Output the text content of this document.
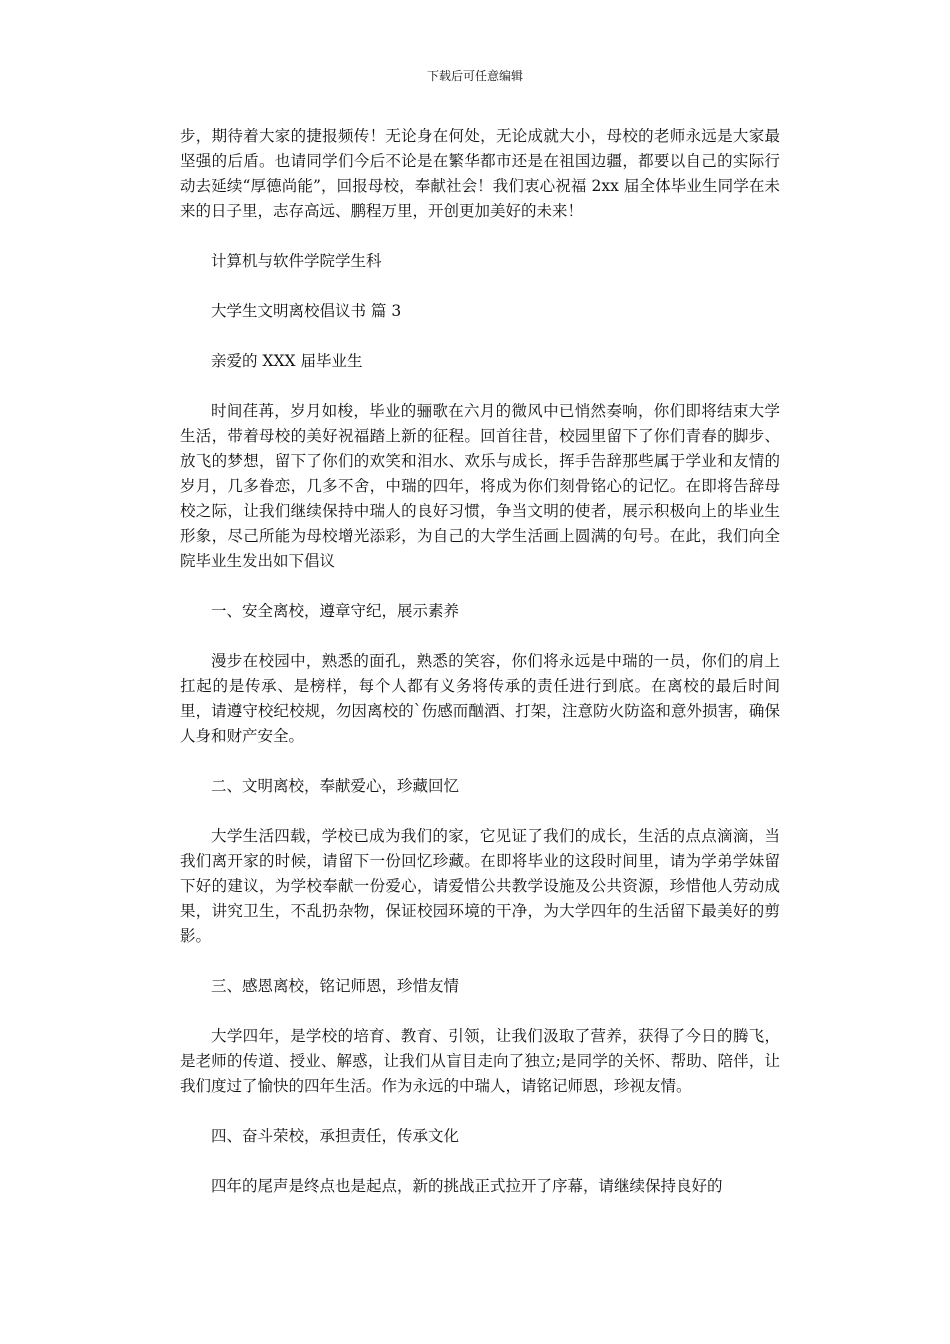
下载后可任意编辑

步，期待着大家的捷报频传！无论身在何处，无论成就大小，母校的老师永远是大家最坚强的后盾。也请同学们今后不论是在繁华都市还是在祖国边疆，都要以自己的实际行动去延续“厚德尚能”，回报母校，奉献社会！我们衷心祝福 2xx 届全体毕业生同学在未来的日子里，志存高远、鹏程万里，开创更加美好的未来！

计算机与软件学院学生科

大学生文明离校倡议书 篇 3

亲爱的 XXX 届毕业生

时间荏苒，岁月如梭，毕业的骊歌在六月的微风中已悄然奏响，你们即将结束大学生活，带着母校的美好祝福踏上新的征程。回首往昔，校园里留下了你们青春的脚步、放飞的梦想，留下了你们的欢笑和泪水、欢乐与成长，挥手告辞那些属于学业和友情的岁月，几多眷恋，几多不舍，中瑞的四年，将成为你们刻骨铭心的记忆。在即将告辞母校之际，让我们继续保持中瑞人的良好习惯，争当文明的使者，展示积极向上的毕业生形象，尽己所能为母校增光添彩，为自己的大学生活画上圆满的句号。在此，我们向全院毕业生发出如下倡议

一、安全离校，遵章守纪，展示素养

漫步在校园中，熟悉的面孔，熟悉的笑容，你们将永远是中瑞的一员，你们的肩上扛起的是传承、是榜样，每个人都有义务将传承的责任进行到底。在离校的最后时间里，请遵守校纪校规，勿因离校的`伤感而酗酒、打架，注意防火防盗和意外损害，确保人身和财产安全。

二、文明离校，奉献爱心，珍藏回忆

大学生活四载，学校已成为我们的家，它见证了我们的成长，生活的点点滴滴，当我们离开家的时候，请留下一份回忆珍藏。在即将毕业的这段时间里，请为学弟学妹留下好的建议，为学校奉献一份爱心，请爱惜公共教学设施及公共资源，珍惜他人劳动成果，讲究卫生，不乱扔杂物，保证校园环境的干净，为大学四年的生活留下最美好的剪影。

三、感恩离校，铭记师恩，珍惜友情

大学四年，是学校的培育、教育、引领，让我们汲取了营养，获得了今日的腾飞，是老师的传道、授业、解惑，让我们从盲目走向了独立;是同学的关怀、帮助、陪伴，让我们度过了愉快的四年生活。作为永远的中瑞人，请铭记师恩，珍视友情。

四、奋斗荣校，承担责任，传承文化

四年的尾声是终点也是起点，新的挑战正式拉开了序幕，请继续保持良好的
